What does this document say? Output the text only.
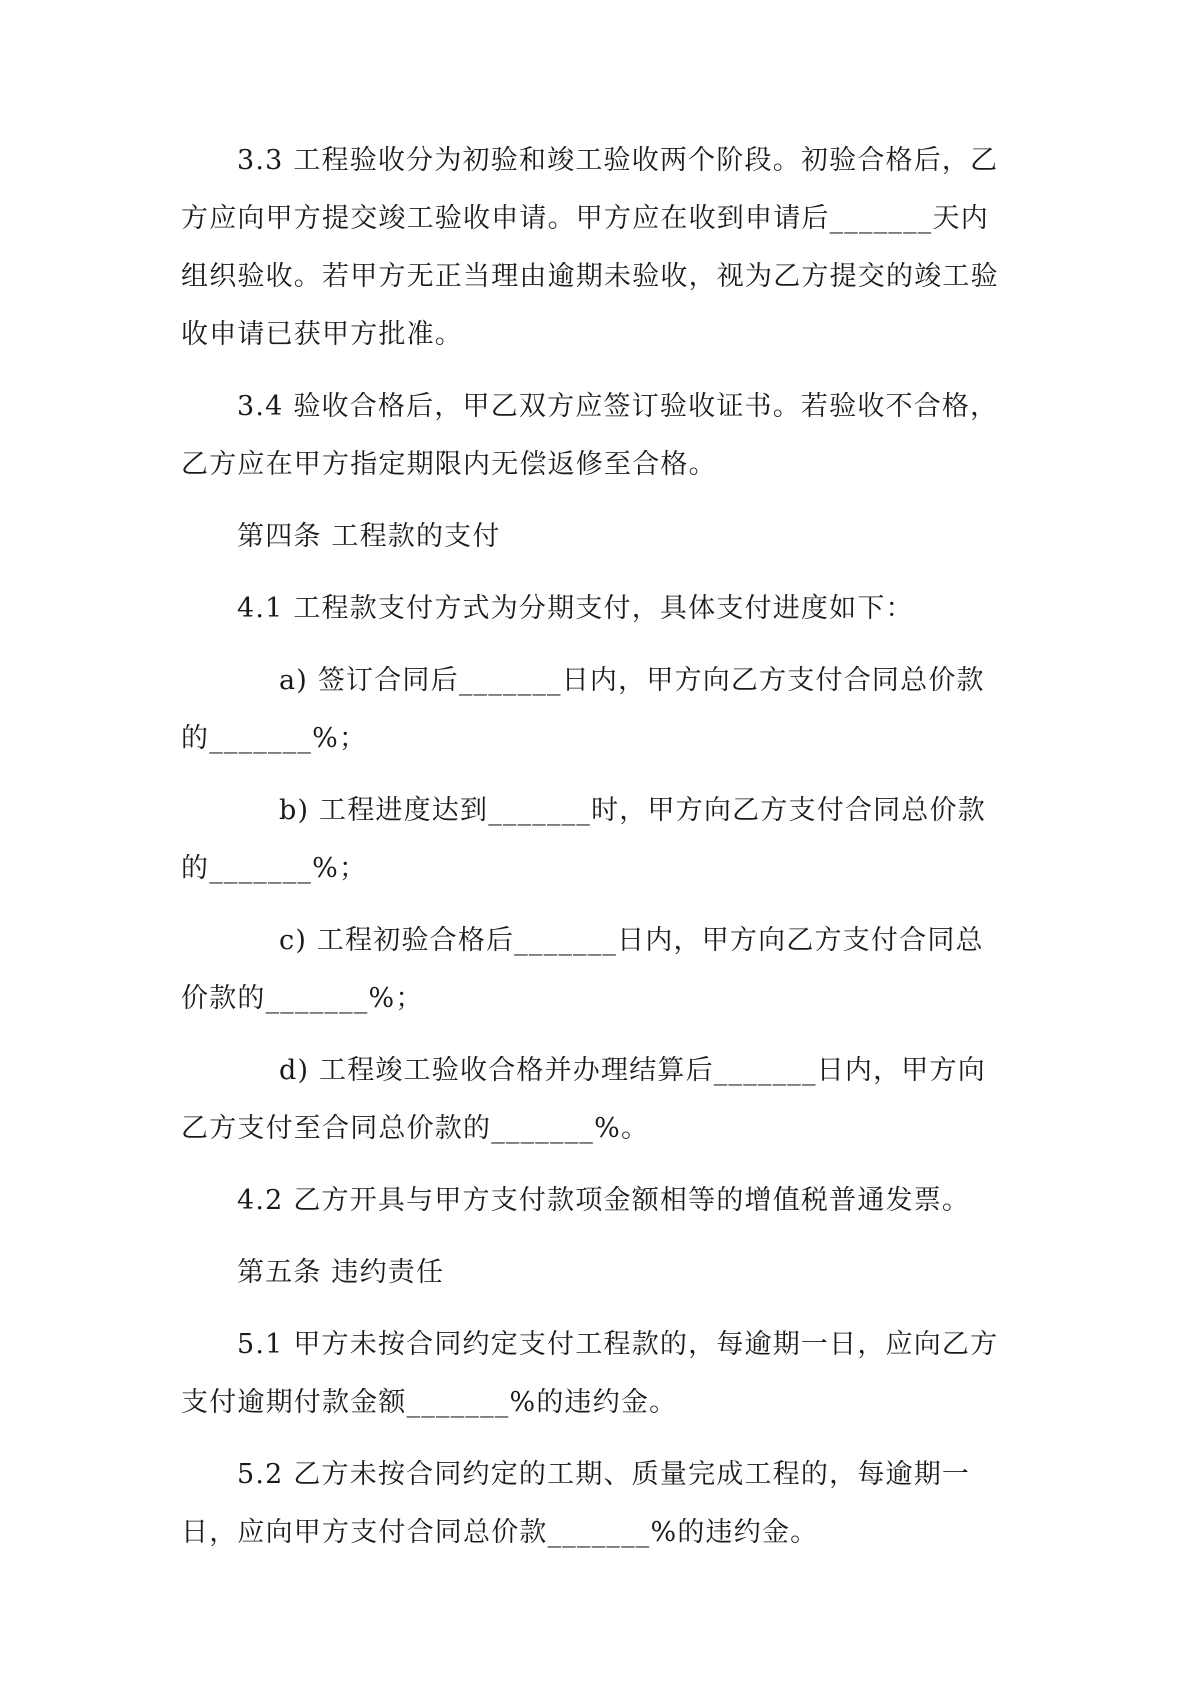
3.3 工程验收分为初验和竣工验收两个阶段。初验合格后，乙方应向甲方提交竣工验收申请。甲方应在收到申请后_______天内组织验收。若甲方无正当理由逾期未验收，视为乙方提交的竣工验收申请已获甲方批准。

3.4 验收合格后，甲乙双方应签订验收证书。若验收不合格，乙方应在甲方指定期限内无偿返修至合格。

第四条 工程款的支付

4.1 工程款支付方式为分期支付，具体支付进度如下：

a) 签订合同后_______日内，甲方向乙方支付合同总价款的_______%；

b) 工程进度达到_______时，甲方向乙方支付合同总价款的_______%；

c) 工程初验合格后_______日内，甲方向乙方支付合同总价款的_______%；

d) 工程竣工验收合格并办理结算后_______日内，甲方向乙方支付至合同总价款的_______%。

4.2 乙方开具与甲方支付款项金额相等的增值税普通发票。

第五条 违约责任

5.1 甲方未按合同约定支付工程款的，每逾期一日，应向乙方支付逾期付款金额_______%的违约金。

5.2 乙方未按合同约定的工期、质量完成工程的，每逾期一日，应向甲方支付合同总价款_______%的违约金。
